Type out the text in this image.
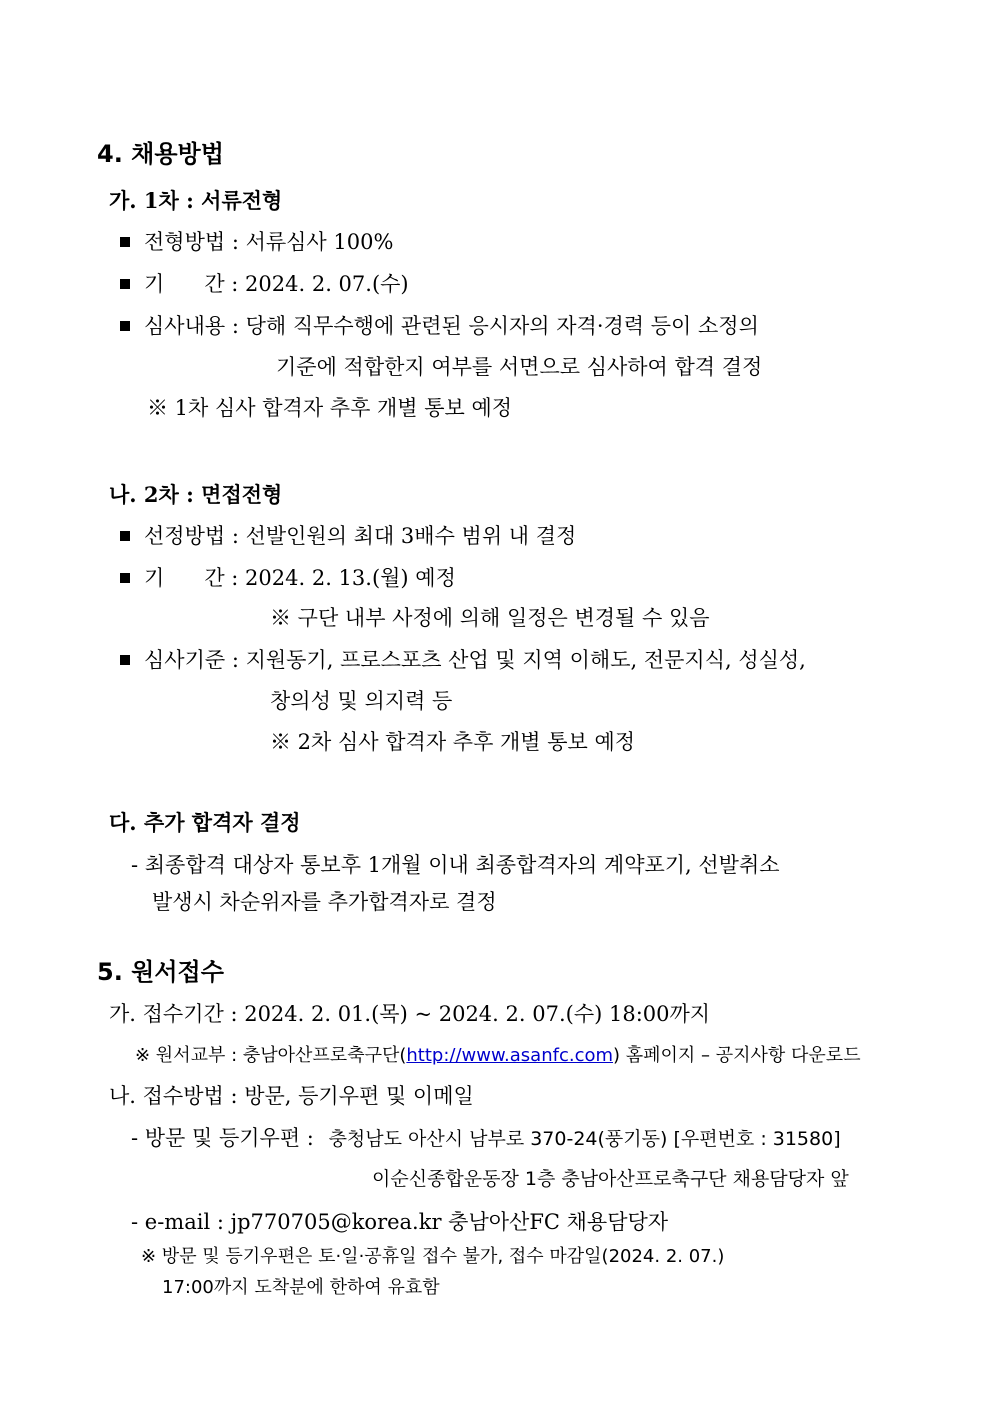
4. 채용방법
가. 1차 : 서류전형
전형방법 : 서류심사 100%
기      간 : 2024. 2. 07.(수)
심사내용 : 당해 직무수행에 관련된 응시자의 자격·경력 등이 소정의
기준에 적합한지 여부를 서면으로 심사하여 합격 결정
※ 1차 심사 합격자 추후 개별 통보 예정
나. 2차 : 면접전형
선정방법 : 선발인원의 최대 3배수 범위 내 결정
기      간 : 2024. 2. 13.(월) 예정
※ 구단 내부 사정에 의해 일정은 변경될 수 있음
심사기준 : 지원동기, 프로스포츠 산업 및 지역 이해도, 전문지식, 성실성,
창의성 및 의지력 등
※ 2차 심사 합격자 추후 개별 통보 예정
다. 추가 합격자 결정
- 최종합격 대상자 통보후 1개월 이내 최종합격자의 계약포기, 선발취소
발생시 차순위자를 추가합격자로 결정
5. 원서접수
가. 접수기간 : 2024. 2. 01.(목) ~ 2024. 2. 07.(수) 18:00까지
※ 원서교부 : 충남아산프로축구단(http://www.asanfc.com) 홈페이지 – 공지사항 다운로드
나. 접수방법 : 방문, 등기우편 및 이메일
- 방문 및 등기우편 : 충청남도 아산시 남부로 370-24(풍기동) [우편번호 : 31580]
이순신종합운동장 1층 충남아산프로축구단 채용담당자 앞
- e-mail : jp770705@korea.kr 충남아산FC 채용담당자
※ 방문 및 등기우편은 토·일·공휴일 접수 불가, 접수 마감일(2024. 2. 07.)
17:00까지 도착분에 한하여 유효함
